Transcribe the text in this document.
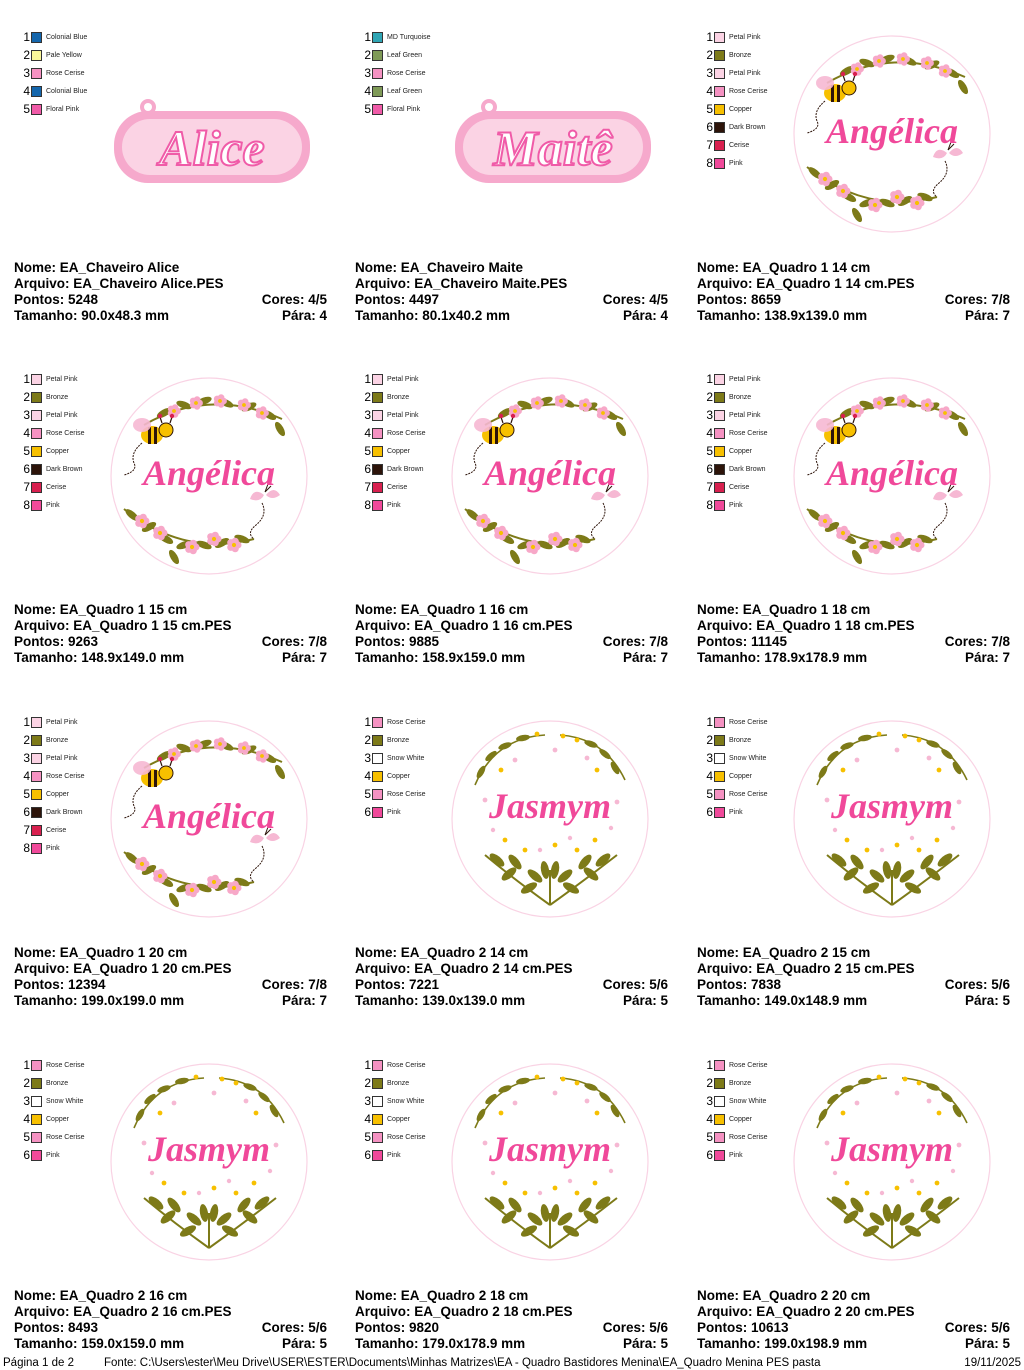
1 Colonial Blue
2 Pale Yellow
3 Rose Cerise
4 Colonial Blue
5 Floral Pink
Alice
Nome: EA_Chaveiro Alice
Arquivo: EA_Chaveiro Alice.PES
Pontos: 5248	Cores: 4/5
Tamanho: 90.0x48.3 mm	Pára: 4
1 MD Turquoise
2 Leaf Green
3 Rose Cerise
4 Leaf Green
5 Floral Pink
Maitê
Nome: EA_Chaveiro Maite
Arquivo: EA_Chaveiro Maite.PES
Pontos: 4497	Cores: 4/5
Tamanho: 80.1x40.2 mm	Pára: 4
1 Petal Pink
2 Bronze
3 Petal Pink
4 Rose Cerise
5 Copper
6 Dark Brown
7 Cerise
8 Pink
Angélica
Nome: EA_Quadro 1 14 cm
Arquivo: EA_Quadro 1 14 cm.PES
Pontos: 8659	Cores: 7/8
Tamanho: 138.9x139.0 mm	Pára: 7
1 Petal Pink
2 Bronze
3 Petal Pink
4 Rose Cerise
5 Copper
6 Dark Brown
7 Cerise
8 Pink
Angélica
Nome: EA_Quadro 1 15 cm
Arquivo: EA_Quadro 1 15 cm.PES
Pontos: 9263	Cores: 7/8
Tamanho: 148.9x149.0 mm	Pára: 7
1 Petal Pink
2 Bronze
3 Petal Pink
4 Rose Cerise
5 Copper
6 Dark Brown
7 Cerise
8 Pink
Angélica
Nome: EA_Quadro 1 16 cm
Arquivo: EA_Quadro 1 16 cm.PES
Pontos: 9885	Cores: 7/8
Tamanho: 158.9x159.0 mm	Pára: 7
1 Petal Pink
2 Bronze
3 Petal Pink
4 Rose Cerise
5 Copper
6 Dark Brown
7 Cerise
8 Pink
Angélica
Nome: EA_Quadro 1 18 cm
Arquivo: EA_Quadro 1 18 cm.PES
Pontos: 11145	Cores: 7/8
Tamanho: 178.9x178.9 mm	Pára: 7
1 Petal Pink
2 Bronze
3 Petal Pink
4 Rose Cerise
5 Copper
6 Dark Brown
7 Cerise
8 Pink
Angélica
Nome: EA_Quadro 1 20 cm
Arquivo: EA_Quadro 1 20 cm.PES
Pontos: 12394	Cores: 7/8
Tamanho: 199.0x199.0 mm	Pára: 7
1 Rose Cerise
2 Bronze
3 Snow White
4 Copper
5 Rose Cerise
6 Pink Jasmym
Nome: EA_Quadro 2 14 cm
Arquivo: EA_Quadro 2 14 cm.PES
Pontos: 7221	Cores: 5/6
Tamanho: 139.0x139.0 mm	Pára: 5
1 Rose Cerise
2 Bronze
3 Snow White
4 Copper
5 Rose Cerise
6 Pink Jasmym
Nome: EA_Quadro 2 15 cm
Arquivo: EA_Quadro 2 15 cm.PES
Pontos: 7838	Cores: 5/6
Tamanho: 149.0x148.9 mm	Pára: 5
1 Rose Cerise
2 Bronze
3 Snow White
4 Copper
5 Rose Cerise
6 Pink Jasmym
Nome: EA_Quadro 2 16 cm
Arquivo: EA_Quadro 2 16 cm.PES
Pontos: 8493	Cores: 5/6
Tamanho: 159.0x159.0 mm	Pára: 5
1 Rose Cerise
2 Bronze
3 Snow White
4 Copper
5 Rose Cerise
6 Pink Jasmym
Nome: EA_Quadro 2 18 cm
Arquivo: EA_Quadro 2 18 cm.PES
Pontos: 9820	Cores: 5/6
Tamanho: 179.0x178.9 mm	Pára: 5
1 Rose Cerise
2 Bronze
3 Snow White
4 Copper
5 Rose Cerise
6 Pink Jasmym
Nome: EA_Quadro 2 20 cm
Arquivo: EA_Quadro 2 20 cm.PES
Pontos: 10613	Cores: 5/6
Tamanho: 199.0x198.9 mm	Pára: 5
Página 1 de 2	Fonte: C:\Users\ester\Meu Drive\USER\ESTER\Documents\Minhas Matrizes\EA - Quadro Bastidores Menina\EA_Quadro Menina PES pasta	19/11/2025
